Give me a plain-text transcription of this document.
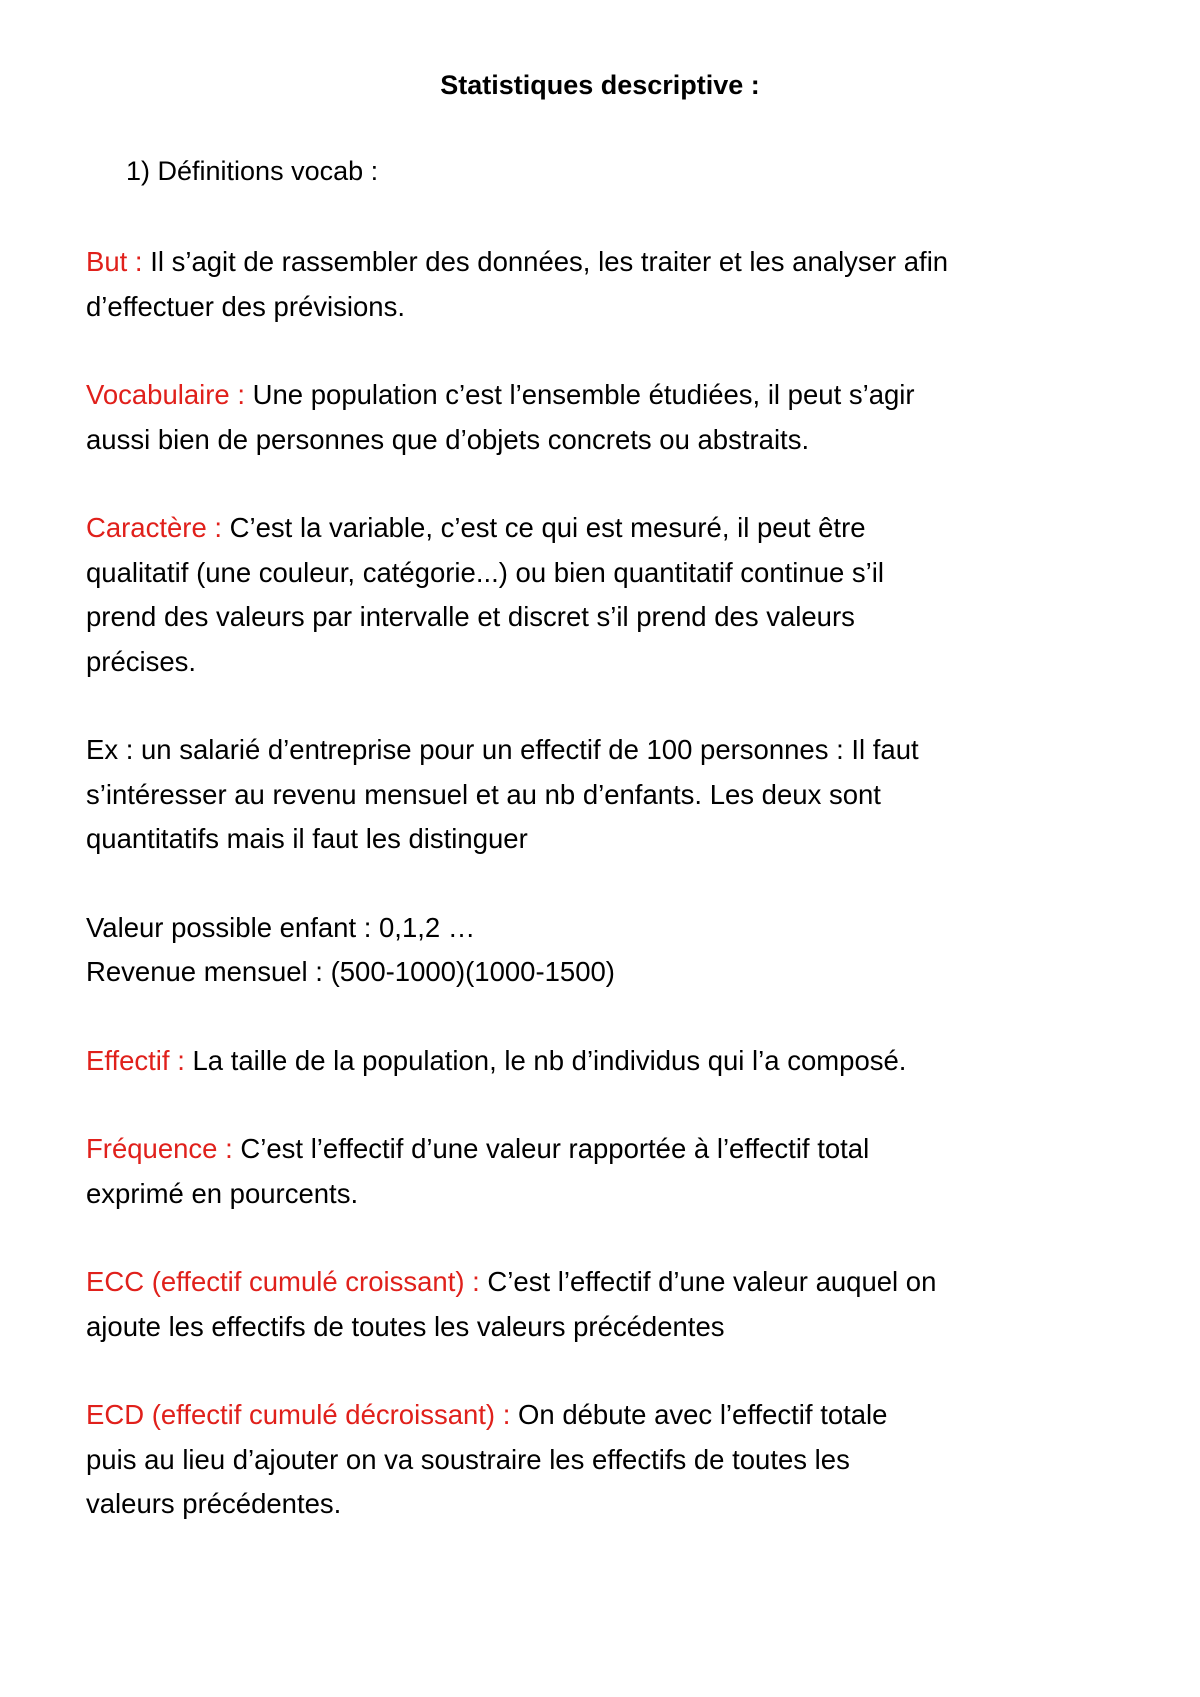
Statistiques descriptive :

1) Définitions vocab :

But : Il s’agit de rassembler des données, les traiter et les analyser afin
d’effectuer des prévisions.

Vocabulaire : Une population c’est l’ensemble étudiées, il peut s’agir
aussi bien de personnes que d’objets concrets ou abstraits.

Caractère : C’est la variable, c’est ce qui est mesuré, il peut être
qualitatif (une couleur, catégorie...) ou bien quantitatif continue s’il
prend des valeurs par intervalle et discret s’il prend des valeurs
précises.

Ex : un salarié d’entreprise pour un effectif de 100 personnes : Il faut
s’intéresser au revenu mensuel et au nb d’enfants. Les deux sont
quantitatifs mais il faut les distinguer

Valeur possible enfant : 0,1,2 …
Revenue mensuel : (500-1000)(1000-1500)

Effectif : La taille de la population, le nb d’individus qui l’a composé.

Fréquence : C’est l’effectif d’une valeur rapportée à l’effectif total
exprimé en pourcents.

ECC (effectif cumulé croissant) : C’est l’effectif d’une valeur auquel on
ajoute les effectifs de toutes les valeurs précédentes

ECD (effectif cumulé décroissant) : On débute avec l’effectif totale
puis au lieu d’ajouter on va soustraire les effectifs de toutes les
valeurs précédentes.
